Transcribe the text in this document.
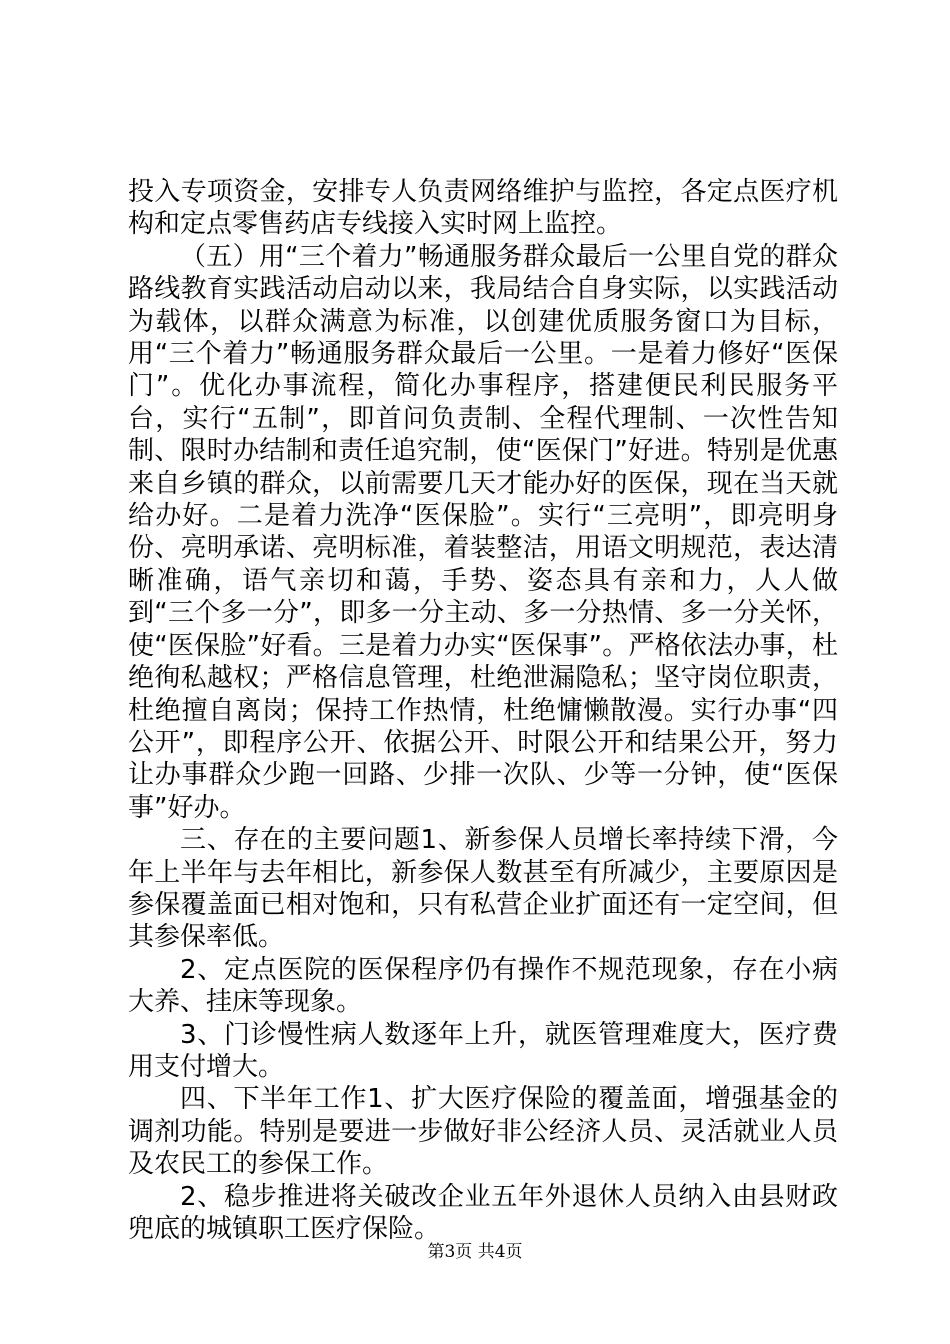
投入专项资金，安排专人负责网络维护与监控，各定点医疗机构和定点零售药店专线接入实时网上监控。

（五）用“三个着力”畅通服务群众最后一公里自党的群众路线教育实践活动启动以来，我局结合自身实际，以实践活动为载体，以群众满意为标准，以创建优质服务窗口为目标，用“三个着力”畅通服务群众最后一公里。一是着力修好“医保门”。优化办事流程，简化办事程序，搭建便民利民服务平台，实行“五制”，即首问负责制、全程代理制、一次性告知制、限时办结制和责任追究制，使“医保门”好进。特别是优惠来自乡镇的群众，以前需要几天才能办好的医保，现在当天就给办好。二是着力洗净“医保脸”。实行“三亮明”，即亮明身份、亮明承诺、亮明标准，着装整洁，用语文明规范，表达清晰准确，语气亲切和蔼，手势、姿态具有亲和力，人人做到“三个多一分”，即多一分主动、多一分热情、多一分关怀，使“医保脸”好看。三是着力办实“医保事”。严格依法办事，杜绝徇私越权；严格信息管理，杜绝泄漏隐私；坚守岗位职责，杜绝擅自离岗；保持工作热情，杜绝慵懒散漫。实行办事“四公开”，即程序公开、依据公开、时限公开和结果公开，努力让办事群众少跑一回路、少排一次队、少等一分钟，使“医保事”好办。

三、存在的主要问题1、新参保人员增长率持续下滑，今年上半年与去年相比，新参保人数甚至有所减少，主要原因是参保覆盖面已相对饱和，只有私营企业扩面还有一定空间，但其参保率低。

2、定点医院的医保程序仍有操作不规范现象，存在小病大养、挂床等现象。

3、门诊慢性病人数逐年上升，就医管理难度大，医疗费用支付增大。

四、下半年工作1、扩大医疗保险的覆盖面，增强基金的调剂功能。特别是要进一步做好非公经济人员、灵活就业人员及农民工的参保工作。

2、稳步推进将关破改企业五年外退休人员纳入由县财政兜底的城镇职工医疗保险。

第3页 共4页
